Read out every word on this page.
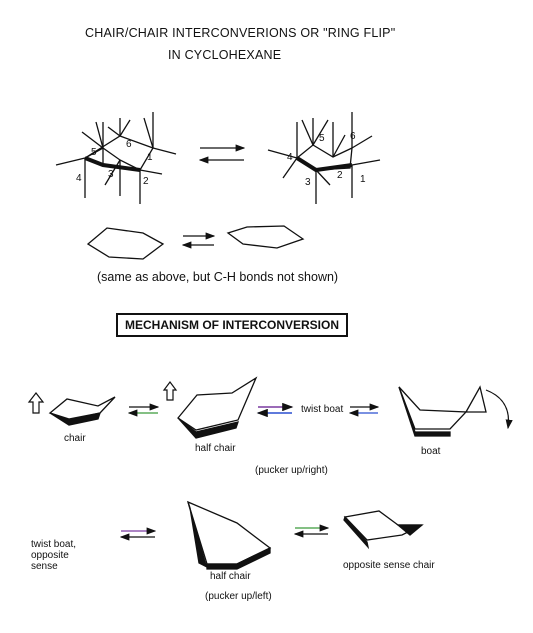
CHAIR/CHAIR INTERCONVERIONS OR "RING FLIP"
IN CYCLOHEXANE
5
6
1
4	3
2
5	6
4
3
2 1
(same as above, but C-H bonds not shown)
MECHANISM OF INTERCONVERSION
chair
half chair
twist boat
boat
(pucker up/right)
twist boat,
opposite
sense
half chair
(pucker up/left)
opposite sense chair
